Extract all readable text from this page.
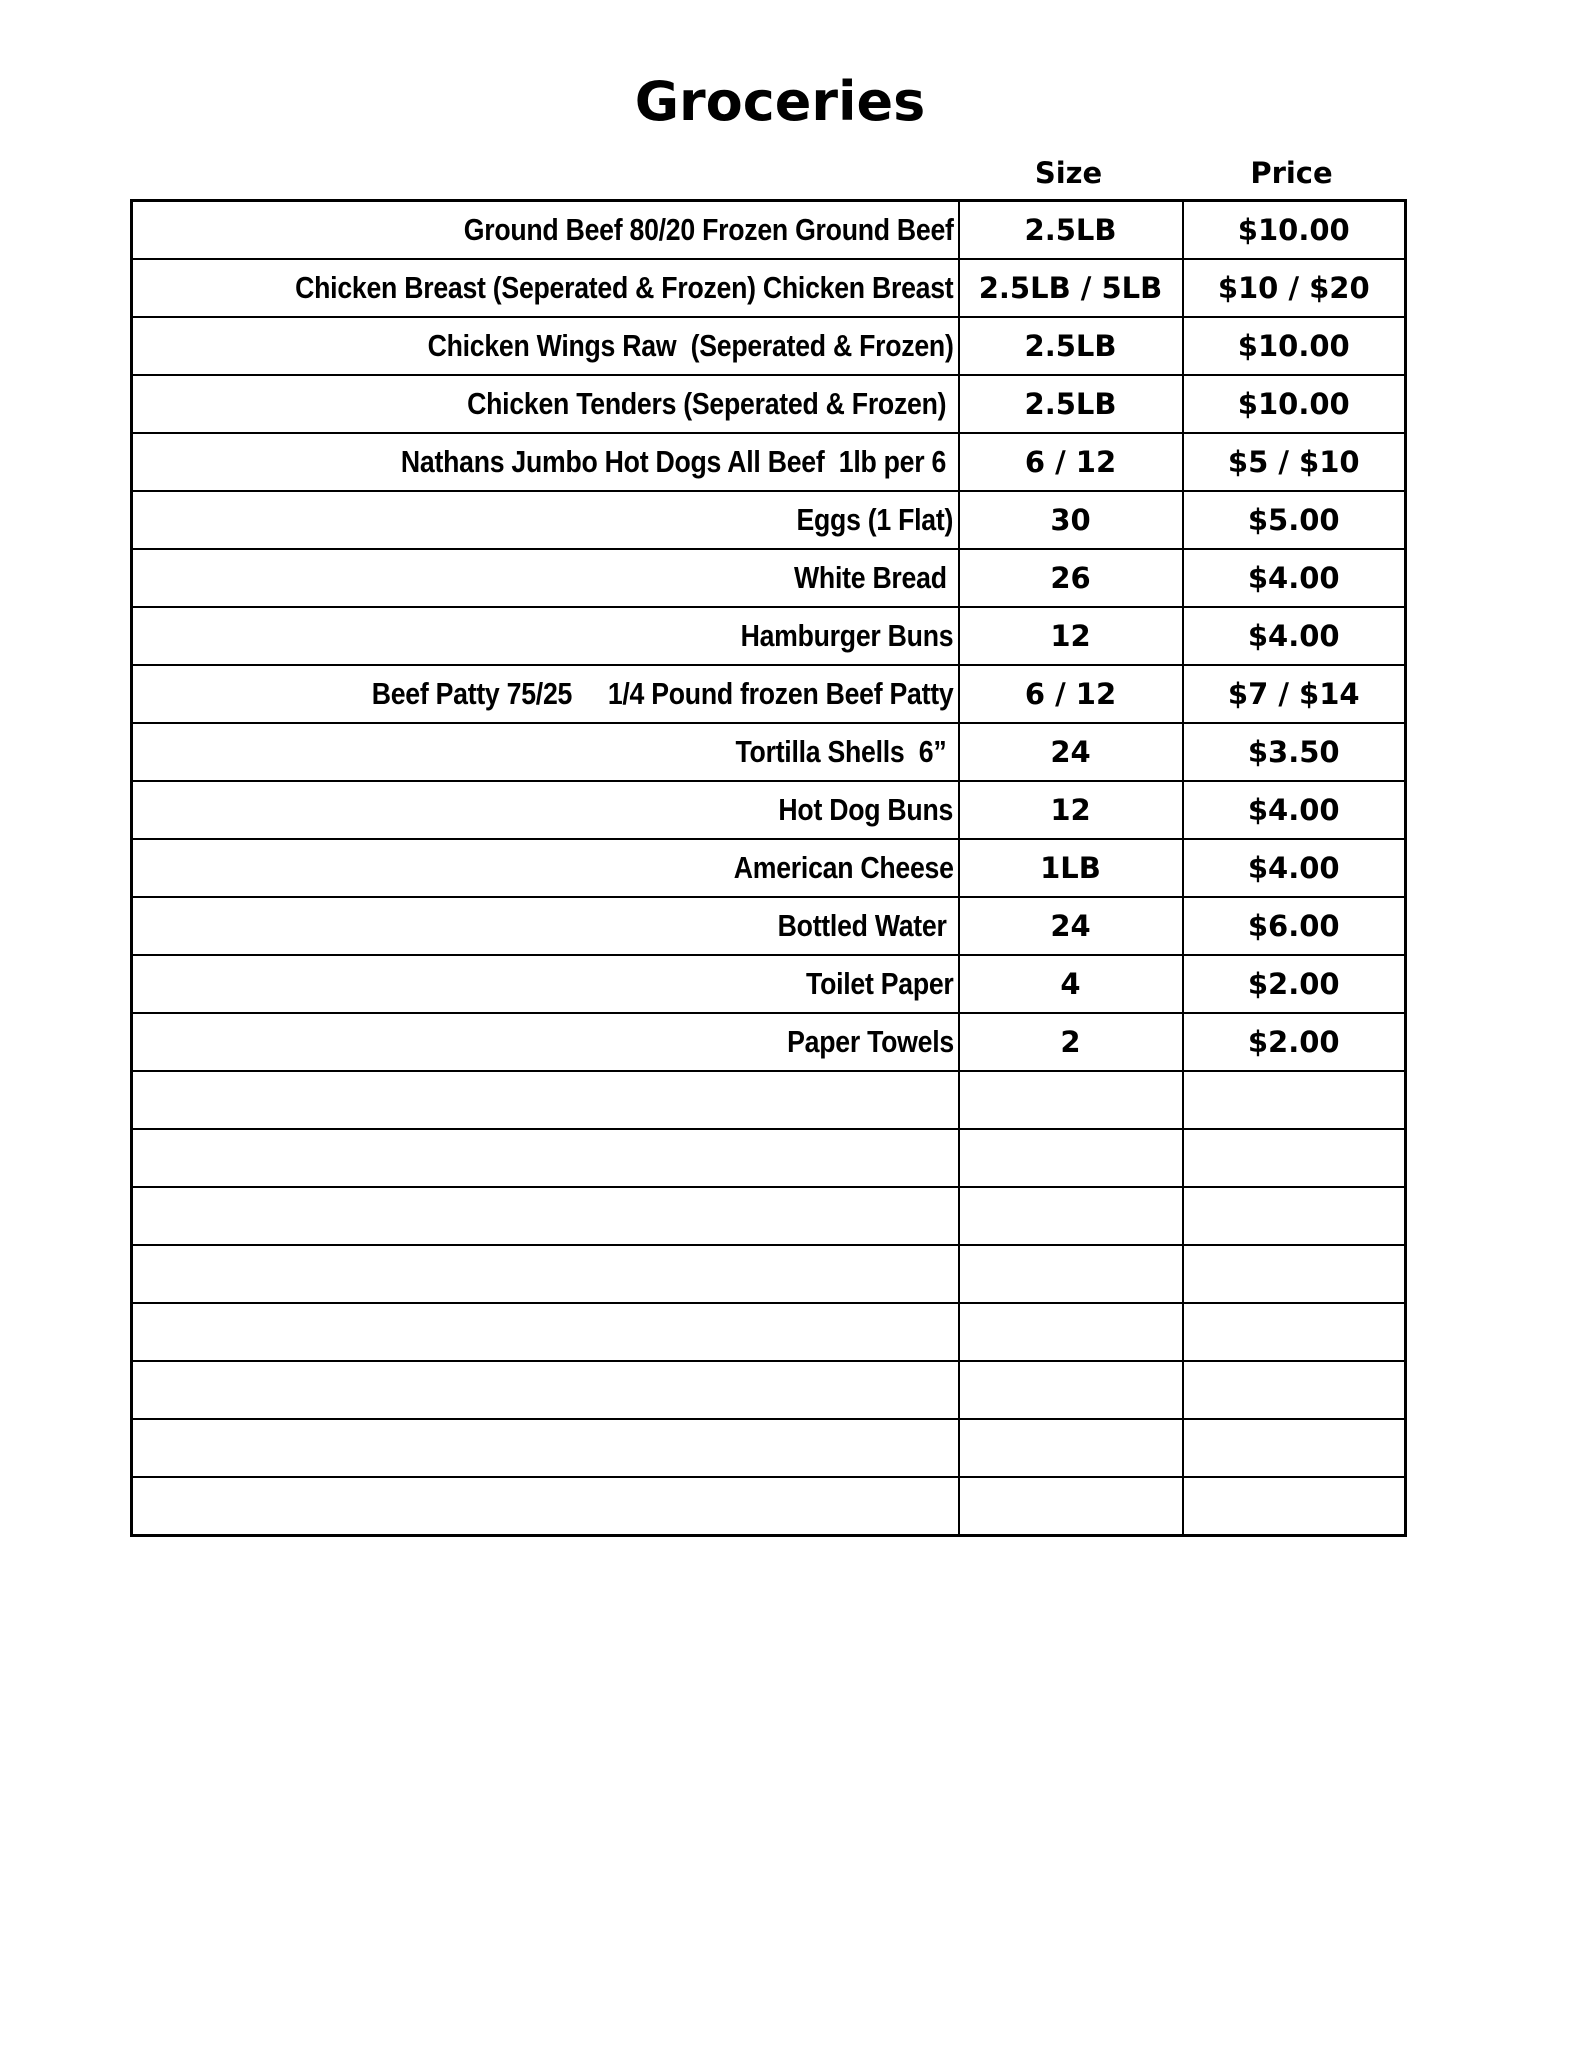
Groceries
Size	Price
Ground Beef 80/20 Frozen Ground Beef	2.5LB	$10.00
Chicken Breast (Seperated & Frozen) Chicken Breast	2.5LB / 5LB	$10 / $20
Chicken Wings Raw  (Seperated & Frozen)	2.5LB	$10.00
Chicken Tenders (Seperated & Frozen)	2.5LB	$10.00
Nathans Jumbo Hot Dogs All Beef  1lb per 6	6 / 12	$5 / $10
Eggs (1 Flat)	30	$5.00
White Bread	26	$4.00
Hamburger Buns	12	$4.00
Beef Patty 75/25     1/4 Pound frozen Beef Patty	6 / 12	$7 / $14
Tortilla Shells  6”	24	$3.50
Hot Dog Buns	12	$4.00
American Cheese	1LB	$4.00
Bottled Water	24	$6.00
Toilet Paper	4	$2.00
Paper Towels	2	$2.00
